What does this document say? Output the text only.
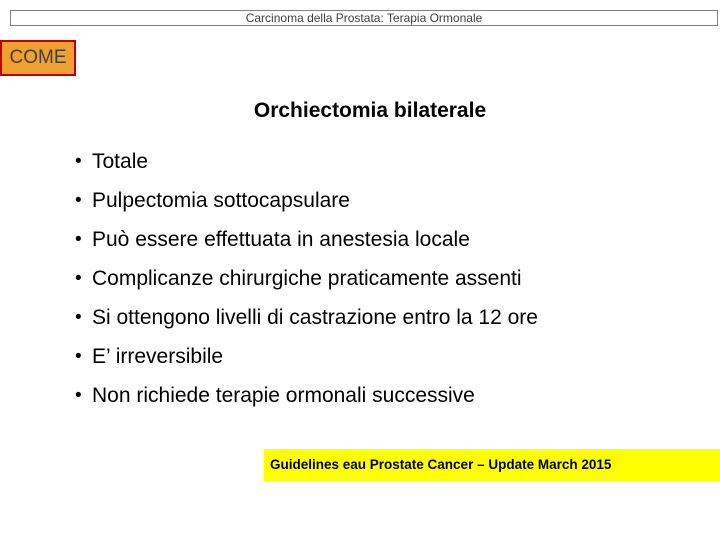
Carcinoma della Prostata: Terapia Ormonale
COME
Orchiectomia bilaterale
• Totale
• Pulpectomia sottocapsulare
• Può essere effettuata in anestesia locale
• Complicanze chirurgiche praticamente assenti
• Si ottengono livelli di castrazione entro la 12 ore
• E’ irreversibile
• Non richiede terapie ormonali successive
Guidelines eau Prostate Cancer – Update March 2015
